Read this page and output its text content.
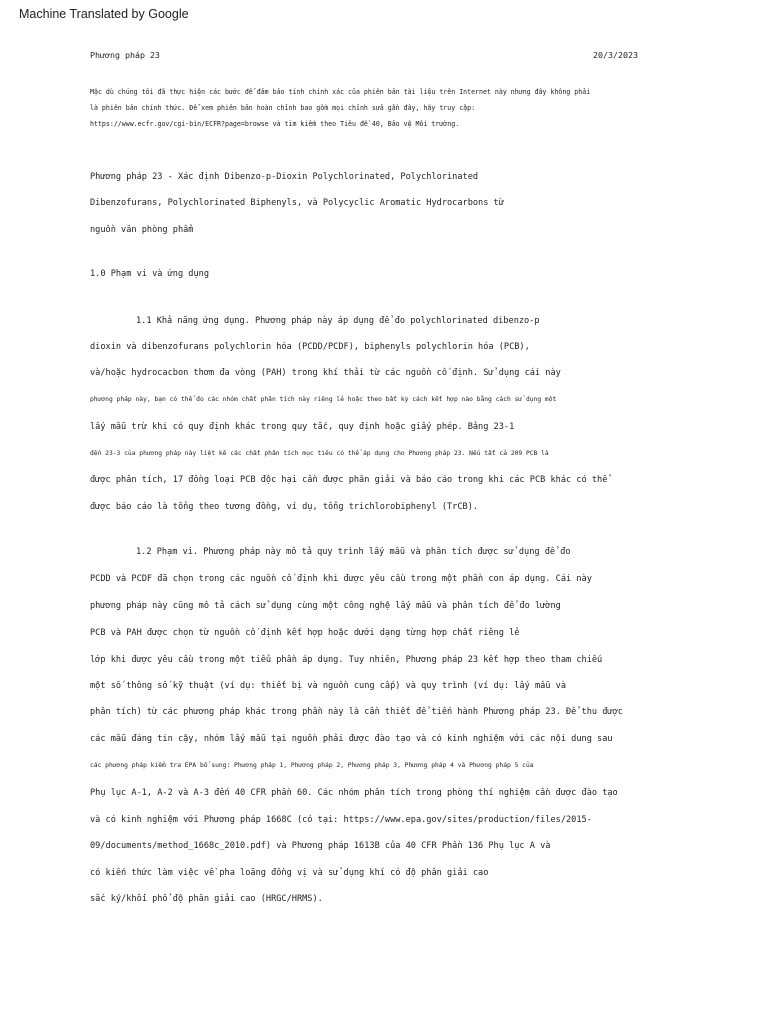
Machine Translated by Google
Phương pháp 23	20/3/2023
Mặc dù chúng tôi đã thực hiện các bước để đảm bảo tính chính xác của phiên bản tài liệu trên Internet này nhưng đây không phải
là phiên bản chính thức. Để xem phiên bản hoàn chỉnh bao gồm mọi chỉnh sửa gần đây, hãy truy cập:
https://www.ecfr.gov/cgi-bin/ECFR?page=browse và tìm kiếm theo Tiêu đề 40, Bảo vệ Môi trường.
Phương pháp 23 - Xác định Dibenzo-p-Dioxin Polychlorinated, Polychlorinated
Dibenzofurans, Polychlorinated Biphenyls, và Polycyclic Aromatic Hydrocarbons từ
nguồn văn phòng phẩm
1.0 Phạm vi và ứng dụng
1.1 Khả năng ứng dụng. Phương pháp này áp dụng để đo polychlorinated dibenzo-p
dioxin và dibenzofurans polychlorin hóa (PCDD/PCDF), biphenyls polychlorin hóa (PCB),
và/hoặc hydrocacbon thơm đa vòng (PAH) trong khí thải từ các nguồn cố định. Sử dụng cái này
phương pháp này, bạn có thể đo các nhóm chất phân tích này riêng lẻ hoặc theo bất kỳ cách kết hợp nào bằng cách sử dụng một
lấy mẫu trừ khi có quy định khác trong quy tắc, quy định hoặc giấy phép. Bảng 23-1
đến 23-3 của phương pháp này liệt kê các chất phân tích mục tiêu có thể áp dụng cho Phương pháp 23. Nếu tất cả 209 PCB là
được phân tích, 17 đồng loại PCB độc hại cần được phân giải và báo cáo trong khi các PCB khác có thể
được báo cáo là tổng theo tương đồng, ví dụ, tổng trichlorobiphenyl (TrCB).
1.2 Phạm vi. Phương pháp này mô tả quy trình lấy mẫu và phân tích được sử dụng để đo
PCDD và PCDF đã chọn trong các nguồn cố định khi được yêu cầu trong một phần con áp dụng. Cái này
phương pháp này cũng mô tả cách sử dụng cùng một công nghệ lấy mẫu và phân tích để đo lường
PCB và PAH được chọn từ nguồn cố định kết hợp hoặc dưới dạng từng hợp chất riêng lẻ
lớp khi được yêu cầu trong một tiểu phần áp dụng. Tuy nhiên, Phương pháp 23 kết hợp theo tham chiếu
một số thông số kỹ thuật (ví dụ: thiết bị và nguồn cung cấp) và quy trình (ví dụ: lấy mẫu và
phân tích) từ các phương pháp khác trong phần này là cần thiết để tiến hành Phương pháp 23. Để thu được
các mẫu đáng tin cậy, nhóm lấy mẫu tại nguồn phải được đào tạo và có kinh nghiệm với các nội dung sau
các phương pháp kiểm tra EPA bổ sung: Phương pháp 1, Phương pháp 2, Phương pháp 3, Phương pháp 4 và Phương pháp 5 của
Phụ lục A-1, A-2 và A-3 đến 40 CFR phần 60. Các nhóm phân tích trong phòng thí nghiệm cần được đào tạo
và có kinh nghiệm với Phương pháp 1668C (có tại: https://www.epa.gov/sites/production/files/2015-
09/documents/method_1668c_2010.pdf) và Phương pháp 1613B của 40 CFR Phần 136 Phụ lục A và
có kiến thức làm việc về pha loãng đồng vị và sử dụng khí có độ phân giải cao
sắc ký/khối phổ độ phân giải cao (HRGC/HRMS).
